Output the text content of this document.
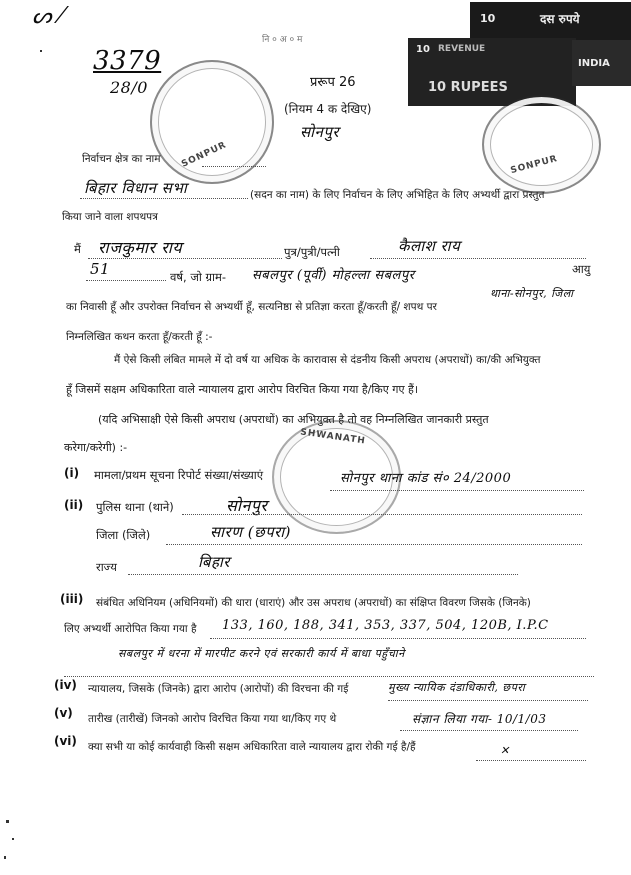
10	दस रुपये
10 REVENUE
10 RUPEES
INDIA
SONPUR	SONPUR
SHWANATH
ᔕ ⁄
3379
28/0
नि ० अ ० म
प्ररूप 26
(नियम 4 क देखिए)
सोनपुर
निर्वाचन क्षेत्र का नाम
बिहार विधान सभा	(सदन का नाम) के लिए निर्वाचन के लिए अभिहित के लिए अभ्यर्थी द्वारा प्रस्तुत
किया जाने वाला शपथपत्र
मैं राजकुमार राय	पुत्र/पुत्री/पत्नी	कैलाश राय
51	वर्ष, जो ग्राम- सबलपुर (पूर्वी) मोहल्ला सबलपुर	आयु
थाना-सोनपुर, जिला
का निवासी हूँ और उपरोक्त निर्वाचन से अभ्यर्थी हूँ, सत्यनिष्ठा से प्रतिज्ञा करता हूँ/करती हूँ/ शपथ पर
निम्नलिखित कथन करता हूँ/करती हूँ :-
मैं ऐसे किसी लंबित मामले में दो वर्ष या अधिक के कारावास से दंडनीय किसी अपराध (अपराधों) का/की अभियुक्त
हूँ जिसमें सक्षम अधिकारिता वाले न्यायालय द्वारा आरोप विरचित किया गया है/किए गए हैं।
(यदि अभिसाक्षी ऐसे किसी अपराध (अपराधों) का अभियुक्त है तो वह निम्नलिखित जानकारी प्रस्तुत
करेगा/करेगी) :-
(i) मामला/प्रथम सूचना रिपोर्ट संख्या/संख्याएं	सोनपुर थाना कांड सं० 24/2000
(ii) पुलिस थाना (थाने)	सोनपुर
जिला (जिले)	सारण (छपरा)
राज्य	बिहार
(iii) संबंधित अधिनियम (अधिनियमों) की धारा (धाराएं) और उस अपराध (अपराधों) का संक्षिप्त विवरण जिसके (जिनके)
लिए अभ्यर्थी आरोपित किया गया है 133, 160, 188, 341, 353, 337, 504, 120B, I.P.C
सबलपुर में धरना में मारपीट करने एवं सरकारी कार्य में बाधा पहुँचाने
(iv) न्यायालय, जिसके (जिनके) द्वारा आरोप (आरोपों) की विरचना की गई	मुख्य न्यायिक दंडाधिकारी, छपरा
(v) तारीख (तारीखें) जिनको आरोप विरचित किया गया था/किए गए थे	संज्ञान लिया गया- 10/1/03
(vi) क्या सभी या कोई कार्यवाही किसी सक्षम अधिकारिता वाले न्यायालय द्वारा रोकी गई है/हैं	✕
